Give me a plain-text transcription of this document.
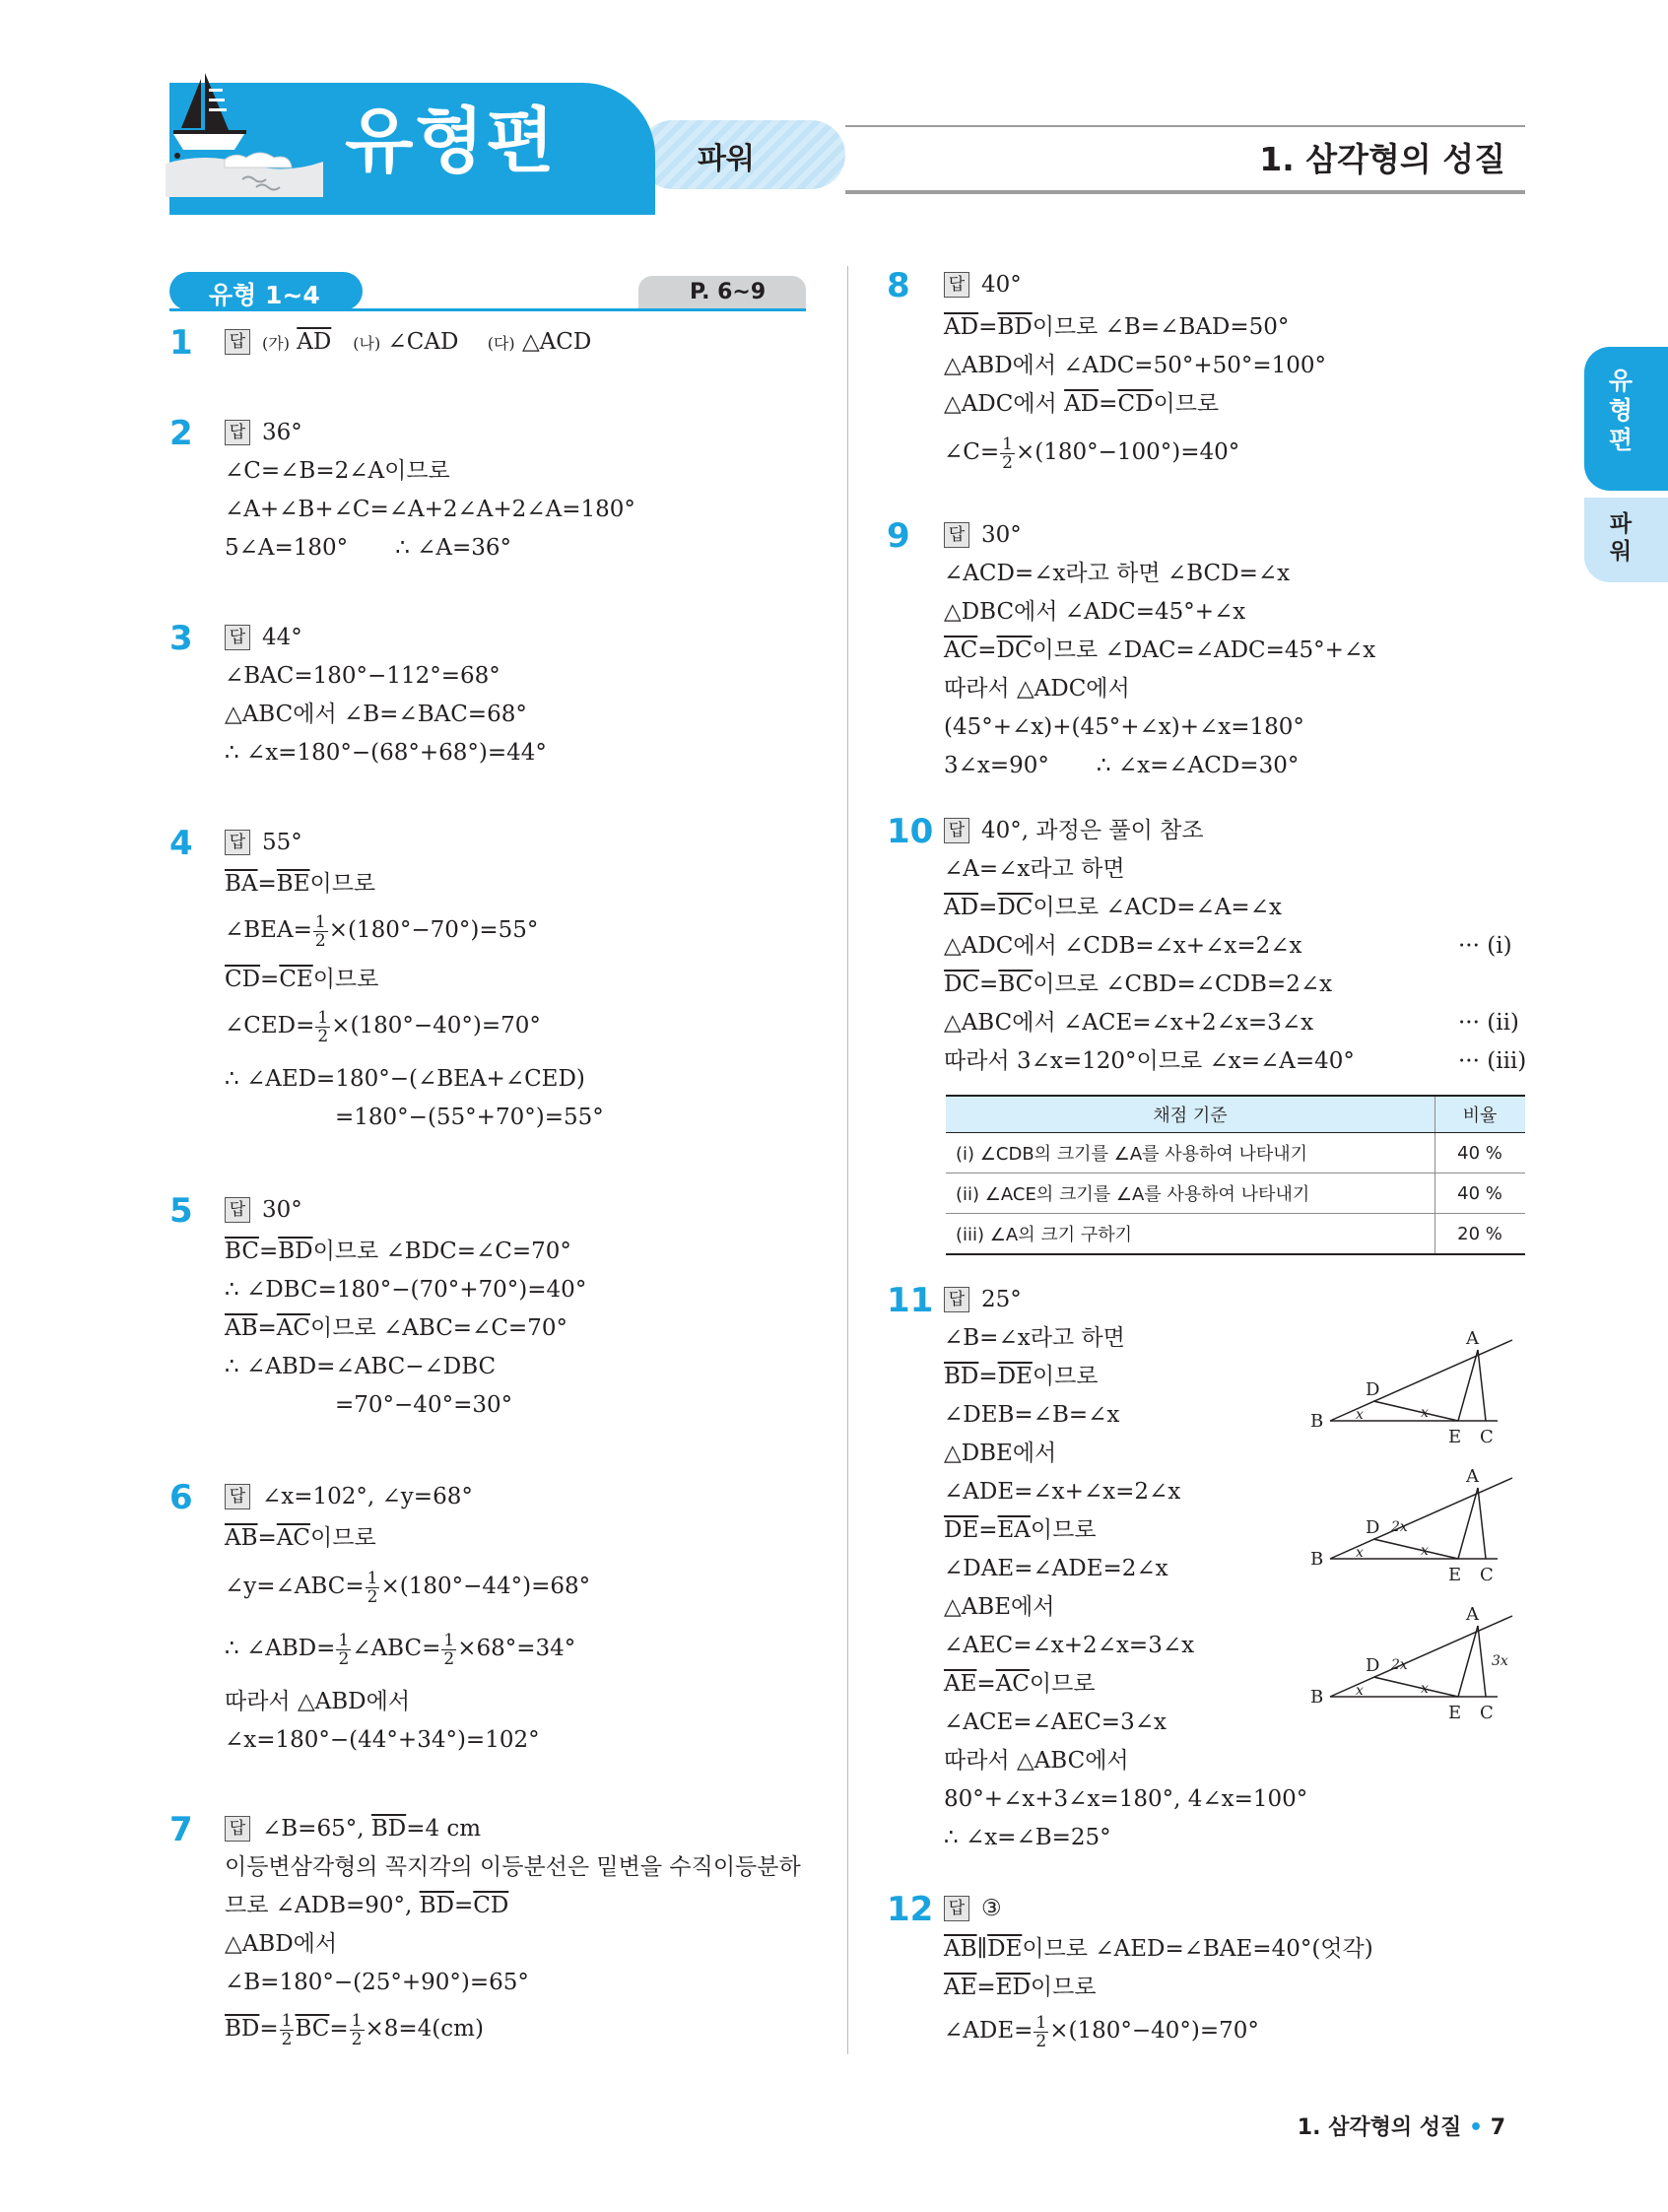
유형편	파워	1. 삼각형의 성질
유
형
편
파
워
유형 1~4	P. 6~9
1 답 (가) $\overline{AD}$ (나) ∠CAD (다) △ACD
2 답 36°
∠C=∠B=2∠A이므로
∠A+∠B+∠C=∠A+2∠A+2∠A=180°
5∠A=180° ∴ ∠A=36°
3 답 44°
∠BAC=180°−112°=68°
△ABC에서 ∠B=∠BAC=68°
∴ ∠x=180°−(68°+68°)=44°
4 답 55°
$\overline{BA}=\overline{BE}$이므로
∠BEA= $\frac{1}{2} \times(180^\circ-70^\circ)=55^\circ$
$\overline{CD}=\overline{CE}$이므로
∠CED= $\frac{1}{2} \times(180^\circ-40^\circ)=70^\circ$
∴ ∠AED=180°−(∠BEA+∠CED)
=180°−(55°+70°)=55°
5 답 30°
$\overline{BC}=\overline{BD}$이므로 ∠BDC=∠C=70°
∴ ∠DBC=180°−(70°+70°)=40°
$\overline{AB}=\overline{AC}$이므로 ∠ABC=∠C=70°
∴ ∠ABD=∠ABC−∠DBC
=70°−40°=30°
6 답 ∠x=102°, ∠y=68°
$\overline{AB}=\overline{AC}$이므로
∠y=∠ABC= $\frac{1}{2} \times(180^\circ-44^\circ)=68^\circ$
∴ ∠ABD= $\frac{1}{2}$ ∠ABC= $\frac{1}{2} \times 68^\circ=34^\circ$
따라서 △ABD에서
∠x=180°−(44°+34°)=102°
7 답 ∠B=65°, $\overline{BD}=4$ cm
이등변삼각형의 꼭지각의 이등분선은 밑변을 수직이등분하
므로 ∠ADB=90°, $\overline{BD}=\overline{CD}$
△ABD에서
∠B=180°−(25°+90°)=65°
$\overline{BD}= \frac{1}{2} \overline{BC}= \frac{1}{2} \times 8=4(cm)$
8 답 40°
$\overline{AD}=\overline{BD}$이므로 ∠B=∠BAD=50°
△ABD에서 ∠ADC=50°+50°=100°
△ADC에서 $\overline{AD}=\overline{CD}$이므로
∠C= $\frac{1}{2} \times(180^\circ-100^\circ)=40^\circ$
9 답 30°
∠ACD=∠x라고 하면 ∠BCD=∠x
△DBC에서 ∠ADC=45°+∠x
$\overline{AC}=\overline{DC}$이므로 ∠DAC=∠ADC=45°+∠x
따라서 △ADC에서
(45°+∠x)+(45°+∠x)+∠x=180°
3∠x=90° ∴ ∠x=∠ACD=30°
10 답 40°, 과정은 풀이 참조
∠A=∠x라고 하면
$\overline{AD}=\overline{DC}$이므로 ∠ACD=∠A=∠x
△ADC에서 ∠CDB=∠x+∠x=2∠x
$\overline{DC}=\overline{BC}$이므로 ∠CBD=∠CDB=2∠x
△ABC에서 ∠ACE=∠x+2∠x=3∠x
따라서 3∠x=120°이므로 ∠x=∠A=40°
··· (i)
··· (ii)
··· (iii)
채점 기준	비율
(i) ∠CDB의 크기를 ∠A를 사용하여 나타내기	40 %
(ii) ∠ACE의 크기를 ∠A를 사용하여 나타내기	40 %
(iii) ∠A의 크기 구하기	20 %
11 답 25°
∠B=∠x라고 하면
$\overline{BD}=\overline{DE}$이므로
∠DEB=∠B=∠x
△DBE에서
∠ADE=∠x+∠x=2∠x
$\overline{DE}=\overline{EA}$이므로
∠DAE=∠ADE=2∠x
△ABE에서
∠AEC=∠x+2∠x=3∠x
$\overline{AE}=\overline{AC}$이므로
∠ACE=∠AEC=3∠x
따라서 △ABC에서
80°+∠x+3∠x=180°, 4∠x=100°
∴ ∠x=∠B=25°
B
A
D
E C
x	x
B
A
D
E C
x	x
2x
B
A
D
E C
x	x
2x	3x
12 답 ③
$\overline{AB}\parallel\overline{DE}$이므로 ∠AED=∠BAE=40°(엇각)
$\overline{AE}=\overline{ED}$이므로
∠ADE= $\frac{1}{2} \times(180^\circ-40^\circ)=70^\circ$
1. 삼각형의 성질 • 7
